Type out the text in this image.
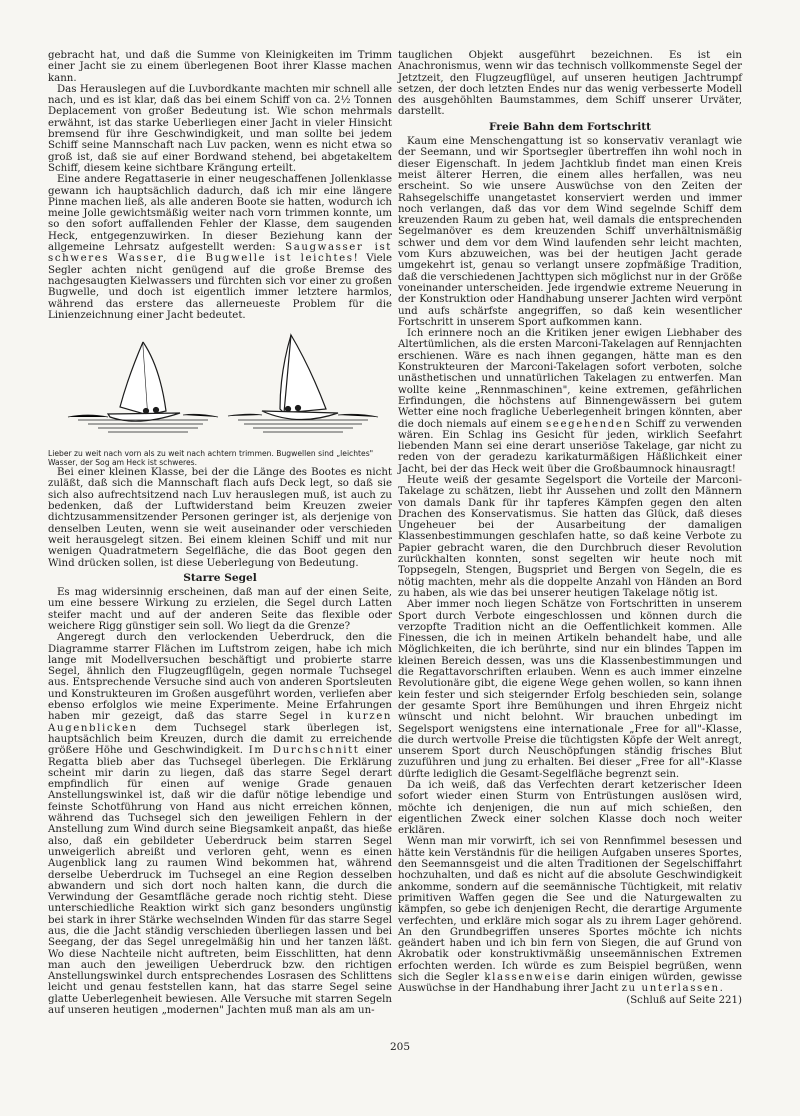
gebracht hat, und daß die Summe von Kleinigkeiten im Trimm einer Jacht sie zu einem überlegenen Boot ihrer Klasse machen kann.

Das Herauslegen auf die Luvbordkante machten mir schnell alle nach, und es ist klar, daß das bei einem Schiff von ca. 2½ Tonnen Deplacement von großer Bedeutung ist. Wie schon mehrmals erwähnt, ist das starke Ueberliegen einer Jacht in vieler Hinsicht bremsend für ihre Geschwindigkeit, und man sollte bei jedem Schiff seine Mannschaft nach Luv packen, wenn es nicht etwa so groß ist, daß sie auf einer Bordwand stehend, bei abgetakeltem Schiff, diesem keine sichtbare Krängung erteilt.

Eine andere Regattaserie in einer neugeschaffenen Jollenklasse gewann ich hauptsächlich dadurch, daß ich mir eine längere Pinne machen ließ, als alle anderen Boote sie hatten, wodurch ich meine Jolle gewichtsmäßig weiter nach vorn trimmen konnte, um so den sofort auffallenden Fehler der Klasse, dem saugenden Heck, entgegenzuwirken. In dieser Beziehung kann der allgemeine Lehrsatz aufgestellt werden: Saugwasser ist schweres Wasser, die Bugwelle ist leichtes! Viele Segler achten nicht genügend auf die große Bremse des nachgesaugten Kielwassers und fürchten sich vor einer zu großen Bugwelle, und doch ist eigentlich immer letztere harmlos, während das erstere das allerneueste Problem für die Linienzeichnung einer Jacht bedeutet.

Lieber zu weit nach vorn als zu weit nach achtern trimmen. Bugwellen sind „leichtes" Wasser, der Sog am Heck ist schweres.

Bei einer kleinen Klasse, bei der die Länge des Bootes es nicht zuläßt, daß sich die Mannschaft flach aufs Deck legt, so daß sie sich also aufrechtsitzend nach Luv herauslegen muß, ist auch zu bedenken, daß der Luftwiderstand beim Kreuzen zweier dichtzusammensitzender Personen geringer ist, als derjenige von denselben Leuten, wenn sie weit auseinander oder verschieden weit herausgelegt sitzen. Bei einem kleinen Schiff und mit nur wenigen Quadratmetern Segelfläche, die das Boot gegen den Wind drücken sollen, ist diese Ueberlegung von Bedeutung.

Starre Segel

Es mag widersinnig erscheinen, daß man auf der einen Seite, um eine bessere Wirkung zu erzielen, die Segel durch Latten steifer macht und auf der anderen Seite das flexible oder weichere Rigg günstiger sein soll. Wo liegt da die Grenze?

Angeregt durch den verlockenden Ueberdruck, den die Diagramme starrer Flächen im Luftstrom zeigen, habe ich mich lange mit Modellversuchen beschäftigt und probierte starre Segel, ähnlich den Flugzeugflügeln, gegen normale Tuchsegel aus. Entsprechende Versuche sind auch von anderen Sportsleuten und Konstrukteuren im Großen ausgeführt worden, verliefen aber ebenso erfolglos wie meine Experimente. Meine Erfahrungen haben mir gezeigt, daß das starre Segel in kurzen Augenblicken dem Tuchsegel stark überlegen ist, hauptsächlich beim Kreuzen, durch die damit zu erreichende größere Höhe und Geschwindigkeit. Im Durchschnitt einer Regatta blieb aber das Tuchsegel überlegen. Die Erklärung scheint mir darin zu liegen, daß das starre Segel derart empfindlich für einen auf wenige Grade genauen Anstellungswinkel ist, daß wir die dafür nötige lebendige und feinste Schotführung von Hand aus nicht erreichen können, während das Tuchsegel sich den jeweiligen Fehlern in der Anstellung zum Wind durch seine Biegsamkeit anpaßt, das hieße also, daß ein gebildeter Ueberdruck beim starren Segel unweigerlich abreißt und verloren geht, wenn es einen Augenblick lang zu raumen Wind bekommen hat, während derselbe Ueberdruck im Tuchsegel an eine Region desselben abwandern und sich dort noch halten kann, die durch die Verwindung der Gesamtfläche gerade noch richtig steht. Diese unterschiedliche Reaktion wirkt sich ganz besonders ungünstig bei stark in ihrer Stärke wechselnden Winden für das starre Segel aus, die die Jacht ständig verschieden überliegen lassen und bei Seegang, der das Segel unregelmäßig hin und her tanzen läßt. Wo diese Nachteile nicht auftreten, beim Eisschlitten, hat denn man auch den jeweiligen Ueberdruck bzw. den richtigen Anstellungswinkel durch entsprechendes Losrasen des Schlittens leicht und genau feststellen kann, hat das starre Segel seine glatte Ueberlegenheit bewiesen. Alle Versuche mit starren Segeln auf unseren heutigen „modernen" Jachten muß man als am un-

tauglichen Objekt ausgeführt bezeichnen. Es ist ein Anachronismus, wenn wir das technisch vollkommenste Segel der Jetztzeit, den Flugzeugflügel, auf unseren heutigen Jachtrumpf setzen, der doch letzten Endes nur das wenig verbesserte Modell des ausgehöhlten Baumstammes, dem Schiff unserer Urväter, darstellt.

Freie Bahn dem Fortschritt

Kaum eine Menschengattung ist so konservativ veranlagt wie der Seemann, und wir Sportsegler übertreffen ihn wohl noch in dieser Eigenschaft. In jedem Jachtklub findet man einen Kreis meist älterer Herren, die einem alles herfallen, was neu erscheint. So wie unsere Auswüchse von den Zeiten der Rahsegelschiffe unangetastet konserviert werden und immer noch verlangen, daß das vor dem Wind segelnde Schiff dem kreuzenden Raum zu geben hat, weil damals die entsprechenden Segelmanöver es dem kreuzenden Schiff unverhältnismäßig schwer und dem vor dem Wind laufenden sehr leicht machten, vom Kurs abzuweichen, was bei der heutigen Jacht gerade umgekehrt ist, genau so verlangt unsere zopfmäßige Tradition, daß die verschiedenen Jachttypen sich möglichst nur in der Größe voneinander unterscheiden. Jede irgendwie extreme Neuerung in der Konstruktion oder Handhabung unserer Jachten wird verpönt und aufs schärfste angegriffen, so daß kein wesentlicher Fortschritt in unserem Sport aufkommen kann.

Ich erinnere noch an die Kritiken jener ewigen Liebhaber des Altertümlichen, als die ersten Marconi-Takelagen auf Rennjachten erschienen. Wäre es nach ihnen gegangen, hätte man es den Konstrukteuren der Marconi-Takelagen sofort verboten, solche unästhetischen und unnatürlichen Takelagen zu entwerfen. Man wollte keine „Rennmaschinen", keine extremen, gefährlichen Erfindungen, die höchstens auf Binnengewässern bei gutem Wetter eine noch fragliche Ueberlegenheit bringen könnten, aber die doch niemals auf einem seegehenden Schiff zu verwenden wären. Ein Schlag ins Gesicht für jeden, wirklich Seefahrt liebenden Mann sei eine derart unseriöse Takelage, gar nicht zu reden von der geradezu karikaturmäßigen Häßlichkeit einer Jacht, bei der das Heck weit über die Großbaumnock hinausragt!

Heute weiß der gesamte Segelsport die Vorteile der Marconi-Takelage zu schätzen, liebt ihr Aussehen und zollt den Männern von damals Dank für ihr tapferes Kämpfen gegen den alten Drachen des Konservatismus. Sie hatten das Glück, daß dieses Ungeheuer bei der Ausarbeitung der damaligen Klassenbestimmungen geschlafen hatte, so daß keine Verbote zu Papier gebracht waren, die den Durchbruch dieser Revolution zurückhalten konnten, sonst segelten wir heute noch mit Toppsegeln, Stengen, Bugspriet und Bergen von Segeln, die es nötig machten, mehr als die doppelte Anzahl von Händen an Bord zu haben, als wie das bei unserer heutigen Takelage nötig ist.

Aber immer noch liegen Schätze von Fortschritten in unserem Sport durch Verbote eingeschlossen und können durch die verzopfte Tradition nicht an die Oeffentlichkeit kommen. Alle Finessen, die ich in meinen Artikeln behandelt habe, und alle Möglichkeiten, die ich berührte, sind nur ein blindes Tappen im kleinen Bereich dessen, was uns die Klassenbestimmungen und die Regattavorschriften erlauben. Wenn es auch immer einzelne Revolutionäre gibt, die eigene Wege gehen wollen, so kann ihnen kein fester und sich steigernder Erfolg beschieden sein, solange der gesamte Sport ihre Bemühungen und ihren Ehrgeiz nicht wünscht und nicht belohnt. Wir brauchen unbedingt im Segelsport wenigstens eine internationale „Free for all"-Klasse, die durch wertvolle Preise die tüchtigsten Köpfe der Welt anregt, unserem Sport durch Neuschöpfungen ständig frisches Blut zuzuführen und jung zu erhalten. Bei dieser „Free for all"-Klasse dürfte lediglich die Gesamt-Segelfläche begrenzt sein.

Da ich weiß, daß das Verfechten derart ketzerischer Ideen sofort wieder einen Sturm von Entrüstungen auslösen wird, möchte ich denjenigen, die nun auf mich schießen, den eigentlichen Zweck einer solchen Klasse doch noch weiter erklären.

Wenn man mir vorwirft, ich sei von Rennfimmel besessen und hätte kein Verständnis für die heiligen Aufgaben unseres Sportes, den Seemannsgeist und die alten Traditionen der Segelschiffahrt hochzuhalten, und daß es nicht auf die absolute Geschwindigkeit ankomme, sondern auf die seemännische Tüchtigkeit, mit relativ primitiven Waffen gegen die See und die Naturgewalten zu kämpfen, so gebe ich denjenigen Recht, die derartige Argumente verfechten, und erkläre mich sogar als zu ihrem Lager gehörend. An den Grundbegriffen unseres Sportes möchte ich nichts geändert haben und ich bin fern von Siegen, die auf Grund von Akrobatik oder konstruktivmäßig unseemännischen Extremen erfochten werden. Ich würde es zum Beispiel begrüßen, wenn sich die Segler klassenweise darin einigen würden, gewisse Auswüchse in der Handhabung ihrer Jacht zu unterlassen.
(Schluß auf Seite 221)

205
